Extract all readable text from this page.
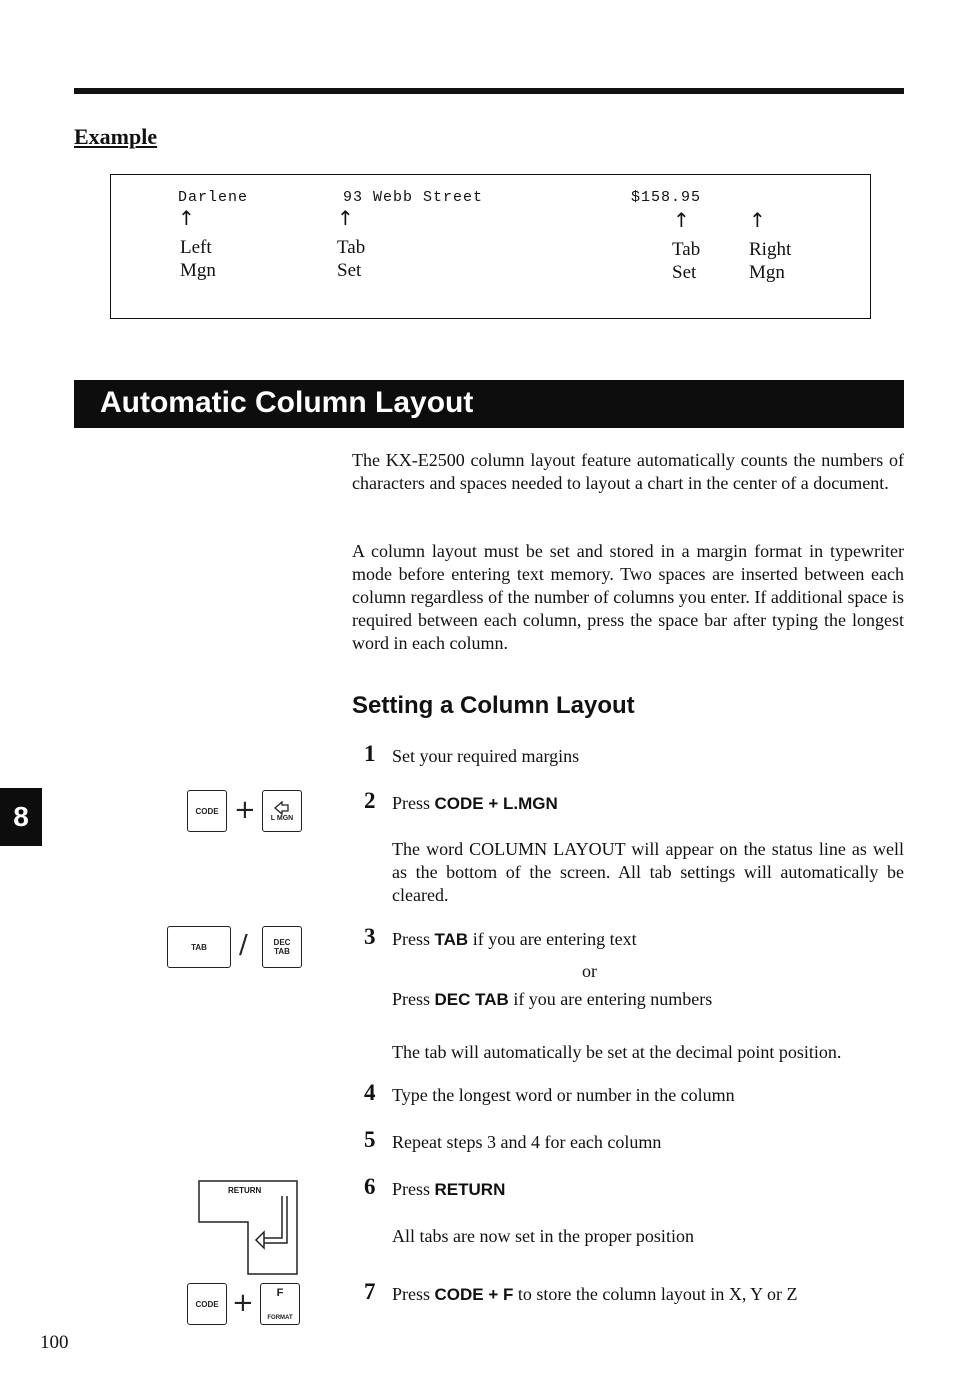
Example
Darlene	93 Webb Street	$158.95
↑	↑	↑	↑
Left
Mgn
Tab
Set
Tab
Set
Right
Mgn
Automatic Column Layout
The KX-E2500 column layout feature automatically counts the numbers of characters and spaces needed to layout a chart in the center of a document.
A column layout must be set and stored in a margin format in typewriter mode before entering text memory. Two spaces are inserted between each column regardless of the number of columns you enter. If additional space is required between each column, press the space bar after typing the longest word in each column.
Setting a Column Layout
8
1 Set your required margins
2 Press CODE + L.MGN
The word COLUMN LAYOUT will appear on the status line as well as the bottom of the screen. All tab settings will automatically be cleared.
3 Press TAB if you are entering text
or
Press DEC TAB if you are entering numbers
The tab will automatically be set at the decimal point position.
4 Type the longest word or number in the column
5 Repeat steps 3 and 4 for each column
6 Press RETURN
All tabs are now set in the proper position
7 Press CODE + F to store the column layout in X, Y or Z
CODE + L MGN
TAB /	DEC
TAB
RETURN
CODE + F
FORMAT
100
